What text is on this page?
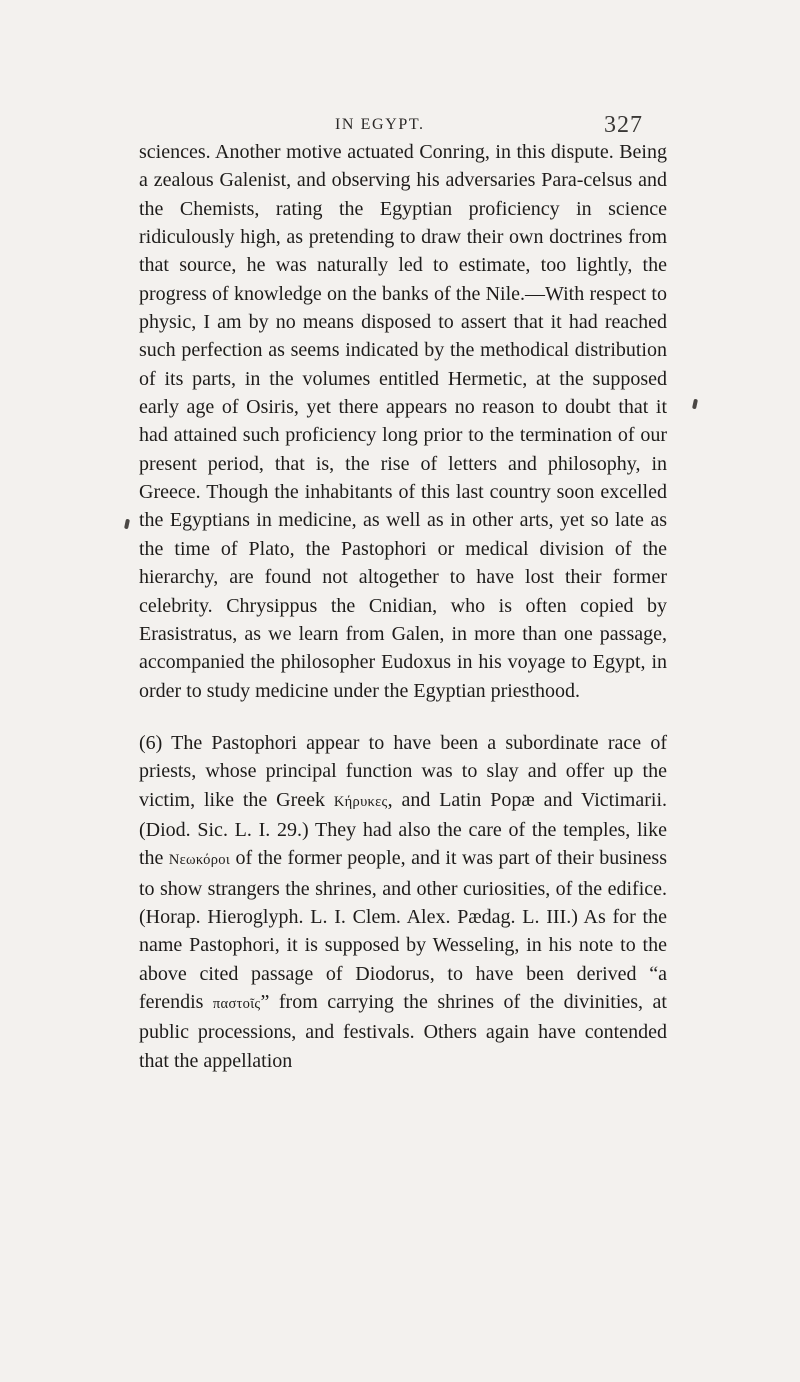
IN EGYPT.	327

sciences. Another motive actuated Conring, in this dispute. Being a zealous Galenist, and observing his adversaries Para-celsus and the Chemists, rating the Egyptian proficiency in science ridiculously high, as pretending to draw their own doctrines from that source, he was naturally led to estimate, too lightly, the progress of knowledge on the banks of the Nile.—With respect to physic, I am by no means disposed to assert that it had reached such perfection as seems indicated by the methodical distribution of its parts, in the volumes entitled Hermetic, at the supposed early age of Osiris, yet there appears no reason to doubt that it had attained such proficiency long prior to the termination of our present period, that is, the rise of letters and philosophy, in Greece. Though the inhabitants of this last country soon excelled the Egyptians in medicine, as well as in other arts, yet so late as the time of Plato, the Pastophori or medical division of the hierarchy, are found not altogether to have lost their former celebrity. Chrysippus the Cnidian, who is often copied by Erasistratus, as we learn from Galen, in more than one passage, accompanied the philosopher Eudoxus in his voyage to Egypt, in order to study medicine under the Egyptian priesthood.

(6) The Pastophori appear to have been a subordinate race of priests, whose principal function was to slay and offer up the victim, like the Greek Κήρυκες, and Latin Popæ and Victimarii. (Diod. Sic. L. I. 29.) They had also the care of the temples, like the Νεωκόροι of the former people, and it was part of their business to show strangers the shrines, and other curiosities, of the edifice. (Horap. Hieroglyph. L. I. Clem. Alex. Pædag. L. III.) As for the name Pastophori, it is supposed by Wesseling, in his note to the above cited passage of Diodorus, to have been derived “a ferendis παστοῖς” from carrying the shrines of the divinities, at public processions, and festivals. Others again have contended that the appellation
